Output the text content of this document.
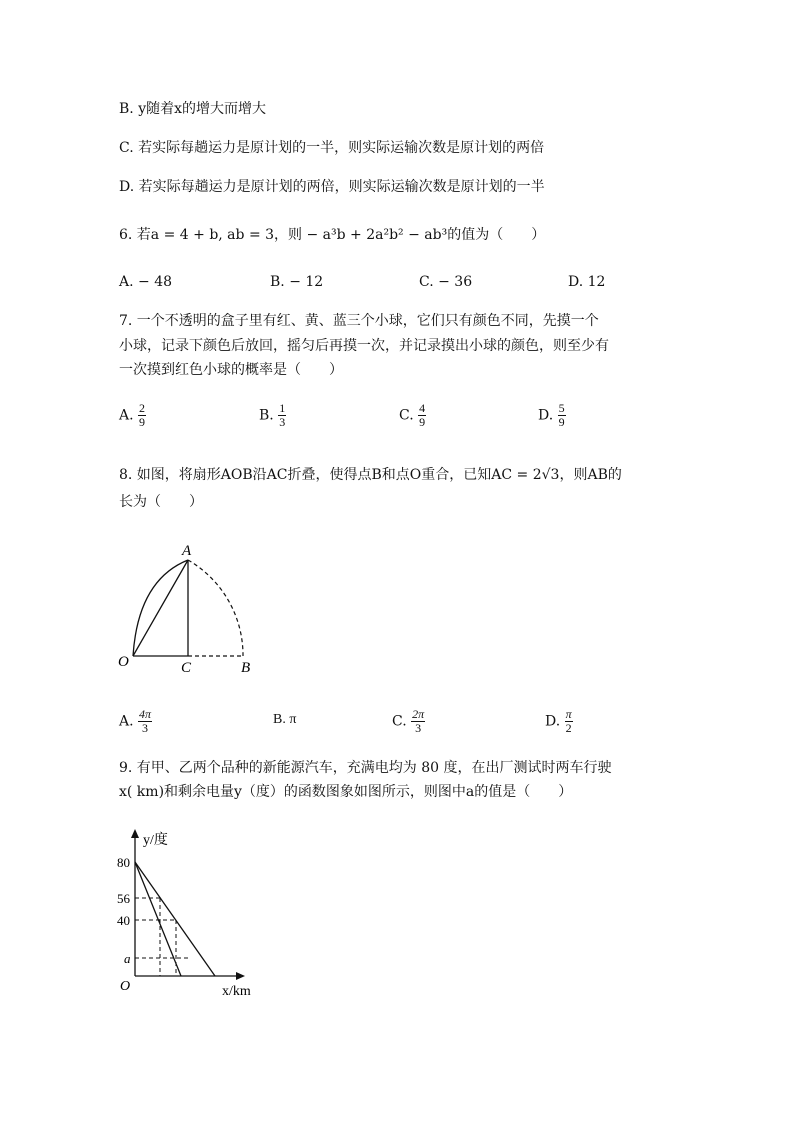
B. y随着x的增大而增大
C. 若实际每趟运力是原计划的一半，则实际运输次数是原计划的两倍
D. 若实际每趟运力是原计划的两倍，则实际运输次数是原计划的一半
6. 若a = 4 + b, ab = 3，则 − a³b + 2a²b² − ab³的值为（　　）
A. − 48	B. − 12	C. − 36	D. 12
7. 一个不透明的盒子里有红、黄、蓝三个小球，它们只有颜色不同，先摸一个
小球，记录下颜色后放回，摇匀后再摸一次，并记录摸出小球的颜色，则至少有
一次摸到红色小球的概率是（　　）
A. $\frac{2}{9}$	B. $\frac{1}{3}$	C. $\frac{4}{9}$	D. $\frac{5}{9}$
8. 如图，将扇形AOB沿AC折叠，使得点B和点O重合，已知AC = 2√3，则AB的
长为（　　）
A
O	C	B
A. $\frac{4\pi}{3}$	B. π	C. $\frac{2\pi}{3}$	D. $\frac{\pi}{2}$
9. 有甲、乙两个品种的新能源汽车，充满电均为 80 度，在出厂测试时两车行驶
x( km)和剩余电量y（度）的函数图象如图所示，则图中a的值是（　　）
y/度
80
56
40
a
O	x/km
